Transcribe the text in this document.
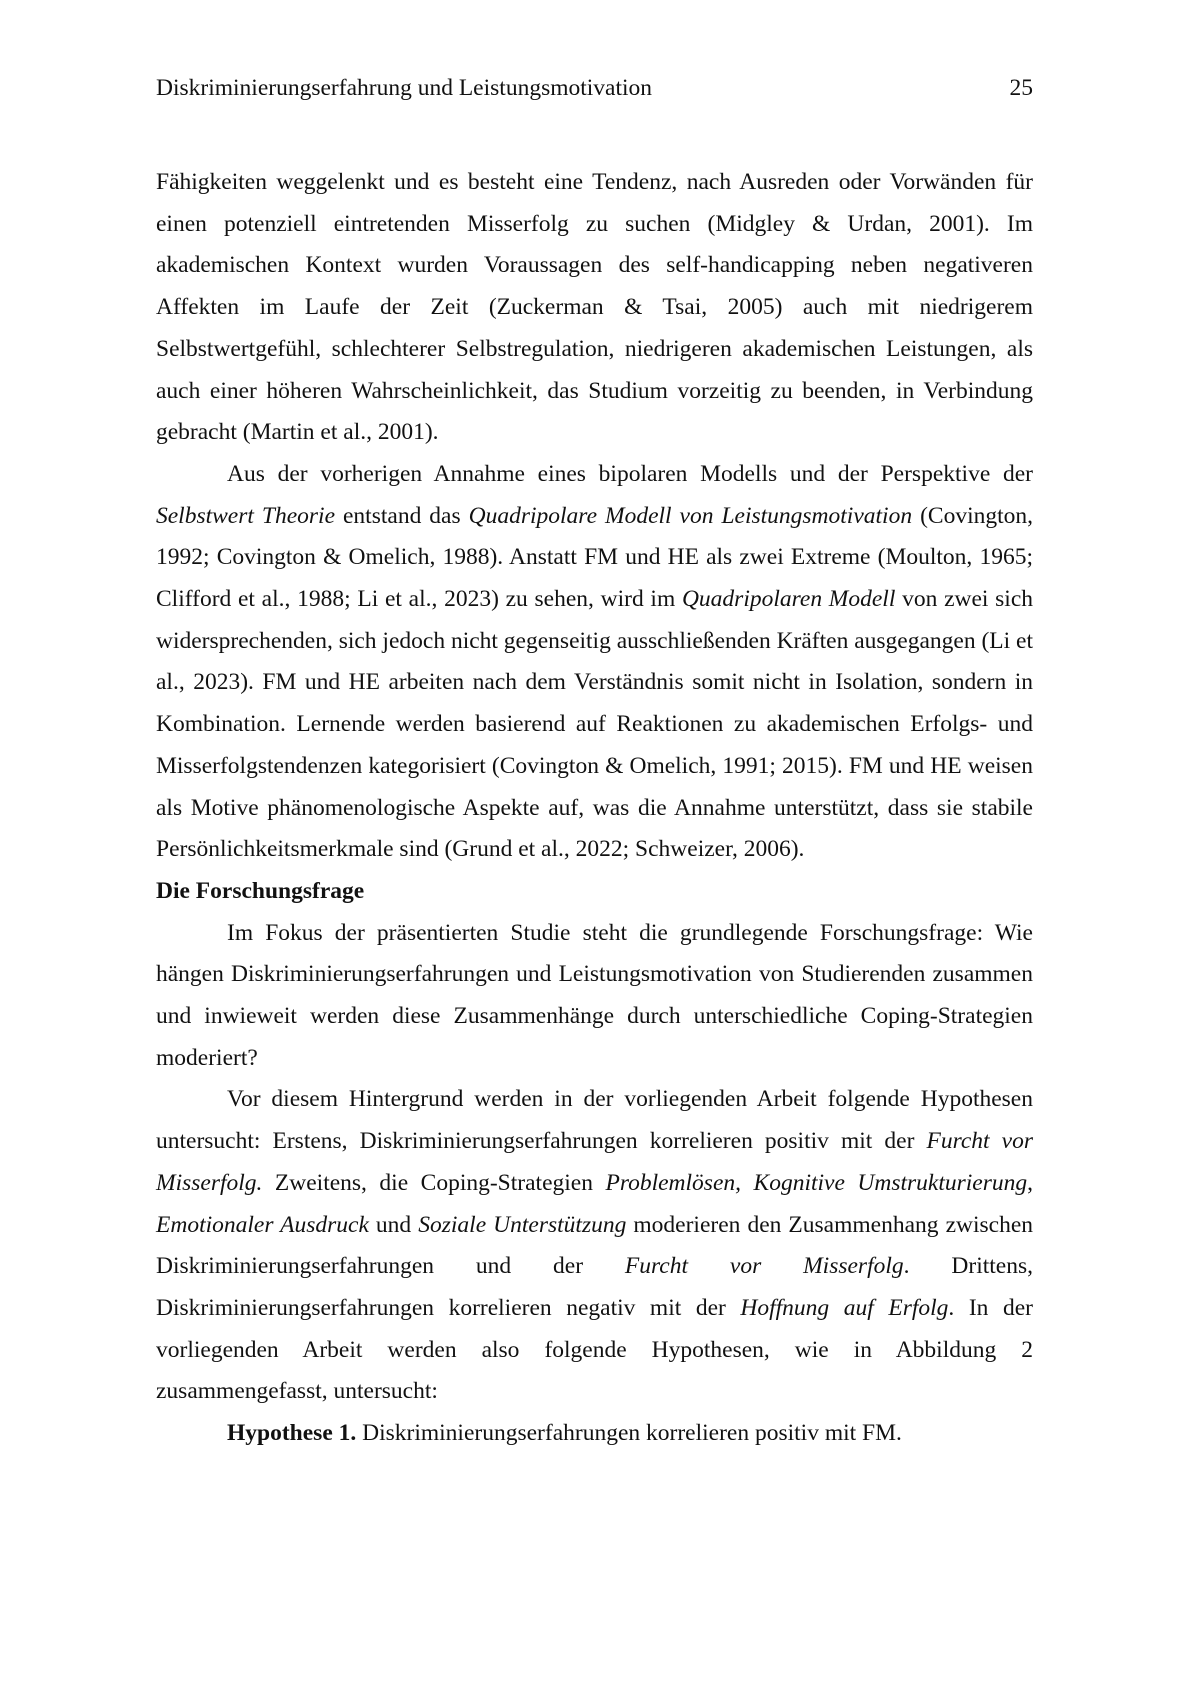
Diskriminierungserfahrung und Leistungsmotivation	25

Fähigkeiten weggelenkt und es besteht eine Tendenz, nach Ausreden oder Vorwänden für einen potenziell eintretenden Misserfolg zu suchen (Midgley & Urdan, 2001). Im akademischen Kontext wurden Voraussagen des self-handicapping neben negativeren Affekten im Laufe der Zeit (Zuckerman & Tsai, 2005) auch mit niedrigerem Selbstwertgefühl, schlechterer Selbstregulation, niedrigeren akademischen Leistungen, als auch einer höheren Wahrscheinlichkeit, das Studium vorzeitig zu beenden, in Verbindung gebracht (Martin et al., 2001).

Aus der vorherigen Annahme eines bipolaren Modells und der Perspektive der Selbstwert Theorie entstand das Quadripolare Modell von Leistungsmotivation (Covington, 1992; Covington & Omelich, 1988). Anstatt FM und HE als zwei Extreme (Moulton, 1965; Clifford et al., 1988; Li et al., 2023) zu sehen, wird im Quadripolaren Modell von zwei sich widersprechenden, sich jedoch nicht gegenseitig ausschließenden Kräften ausgegangen (Li et al., 2023). FM und HE arbeiten nach dem Verständnis somit nicht in Isolation, sondern in Kombination. Lernende werden basierend auf Reaktionen zu akademischen Erfolgs- und Misserfolgstendenzen kategorisiert (Covington & Omelich, 1991; 2015). FM und HE weisen als Motive phänomenologische Aspekte auf, was die Annahme unterstützt, dass sie stabile Persönlichkeitsmerkmale sind (Grund et al., 2022; Schweizer, 2006).

Die Forschungsfrage

Im Fokus der präsentierten Studie steht die grundlegende Forschungsfrage: Wie hängen Diskriminierungserfahrungen und Leistungsmotivation von Studierenden zusammen und inwieweit werden diese Zusammenhänge durch unterschiedliche Coping-Strategien moderiert?

Vor diesem Hintergrund werden in der vorliegenden Arbeit folgende Hypothesen untersucht: Erstens, Diskriminierungserfahrungen korrelieren positiv mit der Furcht vor Misserfolg. Zweitens, die Coping-Strategien Problemlösen, Kognitive Umstrukturierung, Emotionaler Ausdruck und Soziale Unterstützung moderieren den Zusammenhang zwischen Diskriminierungserfahrungen und der Furcht vor Misserfolg. Drittens, Diskriminierungserfahrungen korrelieren negativ mit der Hoffnung auf Erfolg. In der vorliegenden Arbeit werden also folgende Hypothesen, wie in Abbildung 2 zusammengefasst, untersucht:

Hypothese 1. Diskriminierungserfahrungen korrelieren positiv mit FM.
